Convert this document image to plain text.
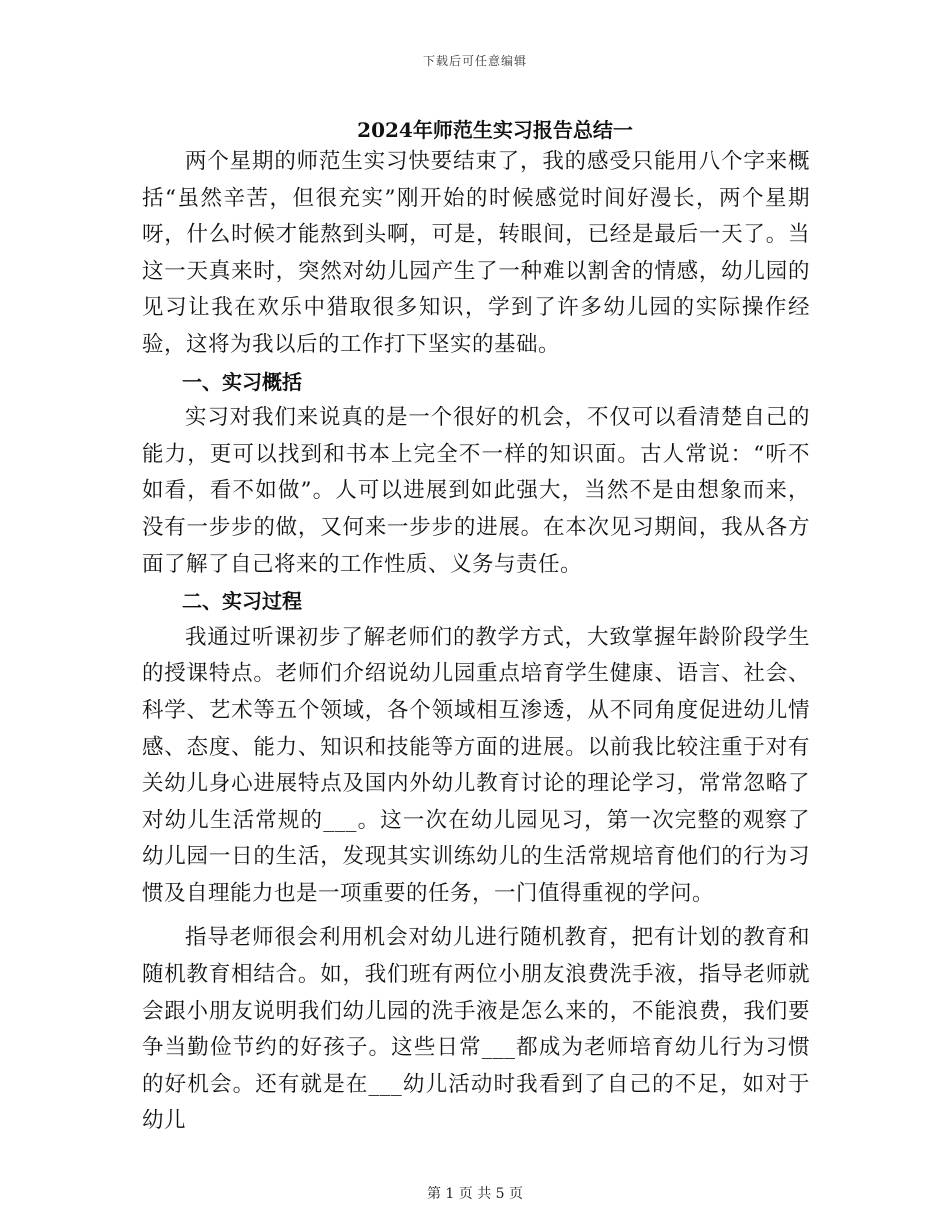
下载后可任意编辑
2024年师范生实习报告总结一

两个星期的师范生实习快要结束了，我的感受只能用八个字来概括“虽然辛苦，但很充实”刚开始的时候感觉时间好漫长，两个星期呀，什么时候才能熬到头啊，可是，转眼间，已经是最后一天了。当这一天真来时，突然对幼儿园产生了一种难以割舍的情感，幼儿园的见习让我在欢乐中猎取很多知识，学到了许多幼儿园的实际操作经验，这将为我以后的工作打下坚实的基础。

一、实习概括

实习对我们来说真的是一个很好的机会，不仅可以看清楚自己的能力，更可以找到和书本上完全不一样的知识面。古人常说：“听不如看，看不如做”。人可以进展到如此强大，当然不是由想象而来，没有一步步的做，又何来一步步的进展。在本次见习期间，我从各方面了解了自己将来的工作性质、义务与责任。

二、实习过程

我通过听课初步了解老师们的教学方式，大致掌握年龄阶段学生的授课特点。老师们介绍说幼儿园重点培育学生健康、语言、社会、科学、艺术等五个领域，各个领域相互渗透，从不同角度促进幼儿情感、态度、能力、知识和技能等方面的进展。以前我比较注重于对有关幼儿身心进展特点及国内外幼儿教育讨论的理论学习，常常忽略了对幼儿生活常规的___。这一次在幼儿园见习，第一次完整的观察了幼儿园一日的生活，发现其实训练幼儿的生活常规培育他们的行为习惯及自理能力也是一项重要的任务，一门值得重视的学问。

指导老师很会利用机会对幼儿进行随机教育，把有计划的教育和随机教育相结合。如，我们班有两位小朋友浪费洗手液，指导老师就会跟小朋友说明我们幼儿园的洗手液是怎么来的，不能浪费，我们要争当勤俭节约的好孩子。这些日常___都成为老师培育幼儿行为习惯的好机会。还有就是在___幼儿活动时我看到了自己的不足，如对于幼儿

第 1 页 共 5 页
